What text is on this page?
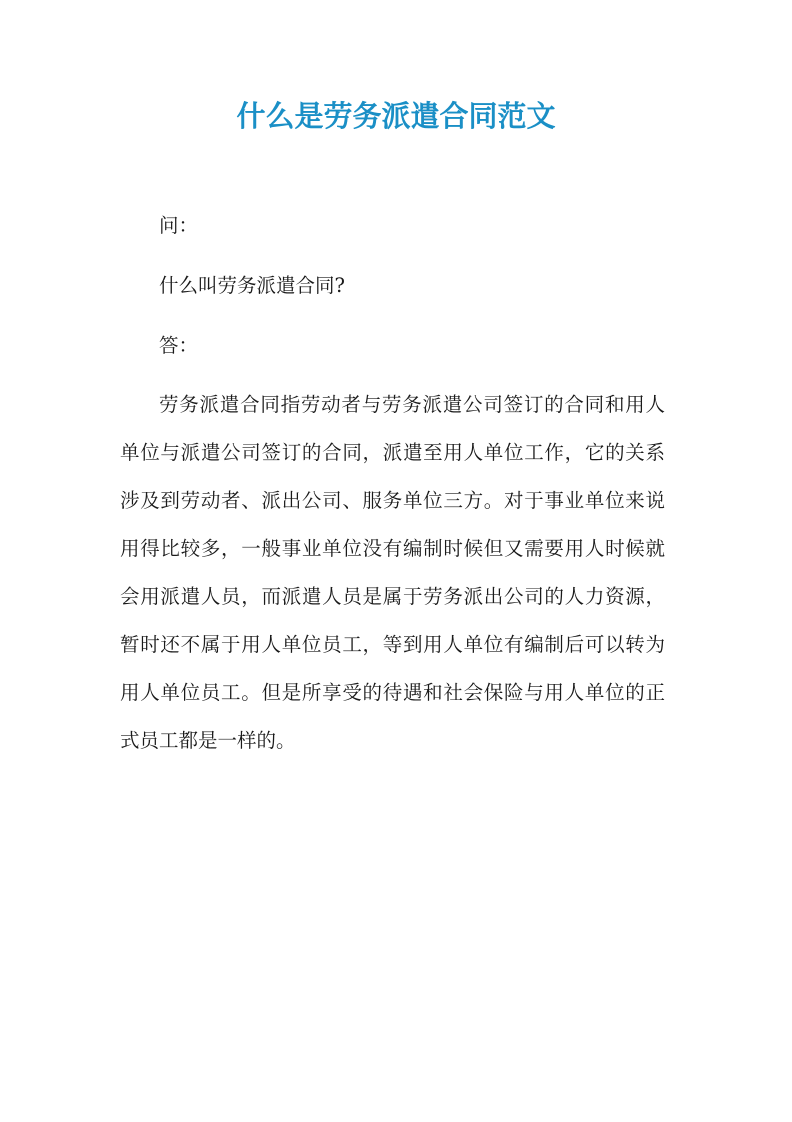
什么是劳务派遣合同范文

问：

什么叫劳务派遣合同?

答：

劳务派遣合同指劳动者与劳务派遣公司签订的合同和用人单位与派遣公司签订的合同，派遣至用人单位工作，它的关系涉及到劳动者、派出公司、服务单位三方。对于事业单位来说用得比较多，一般事业单位没有编制时候但又需要用人时候就会用派遣人员，而派遣人员是属于劳务派出公司的人力资源，暂时还不属于用人单位员工，等到用人单位有编制后可以转为用人单位员工。但是所享受的待遇和社会保险与用人单位的正式员工都是一样的。
